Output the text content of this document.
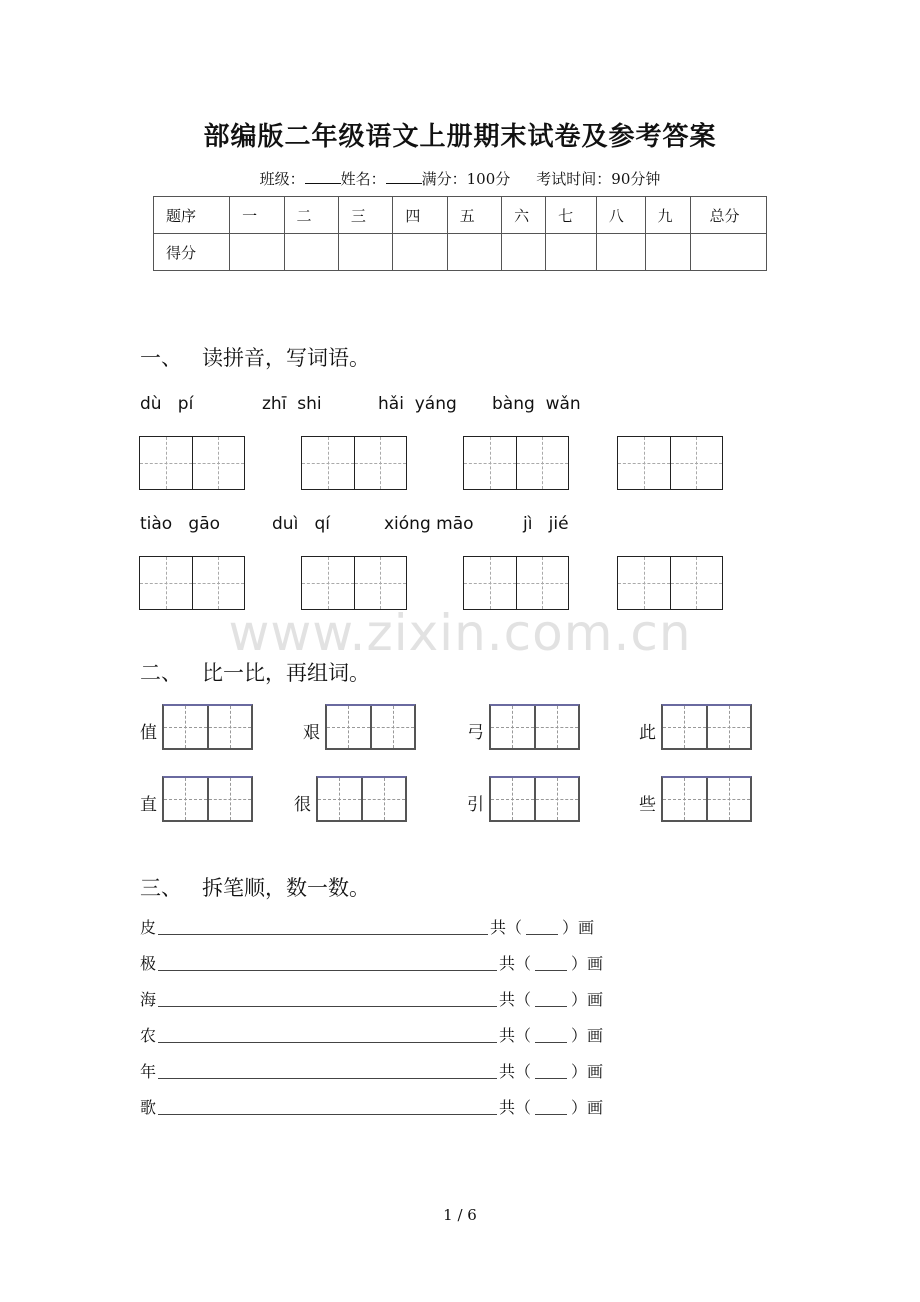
部编版二年级语文上册期末试卷及参考答案
班级： 姓名： 满分：100分 考试时间：90分钟
题序	一	二	三	四	五	六	七	八	九	总分
得分										
一、 读拼音，写词语。
dù   pí	zhī  shi	hǎi  yáng bàng  wǎn
tiào   gāo	duì   qí	xióng māo	jì   jié
www.zixin.com.cn
二、 比一比，再组词。
值	艰	弓	此
直	很	引	些
三、 拆笔顺，数一数。
皮	共（	）画
极	共（	）画
海	共（	）画
农	共（	）画
年	共（	）画
歌	共（	）画
1 / 6
